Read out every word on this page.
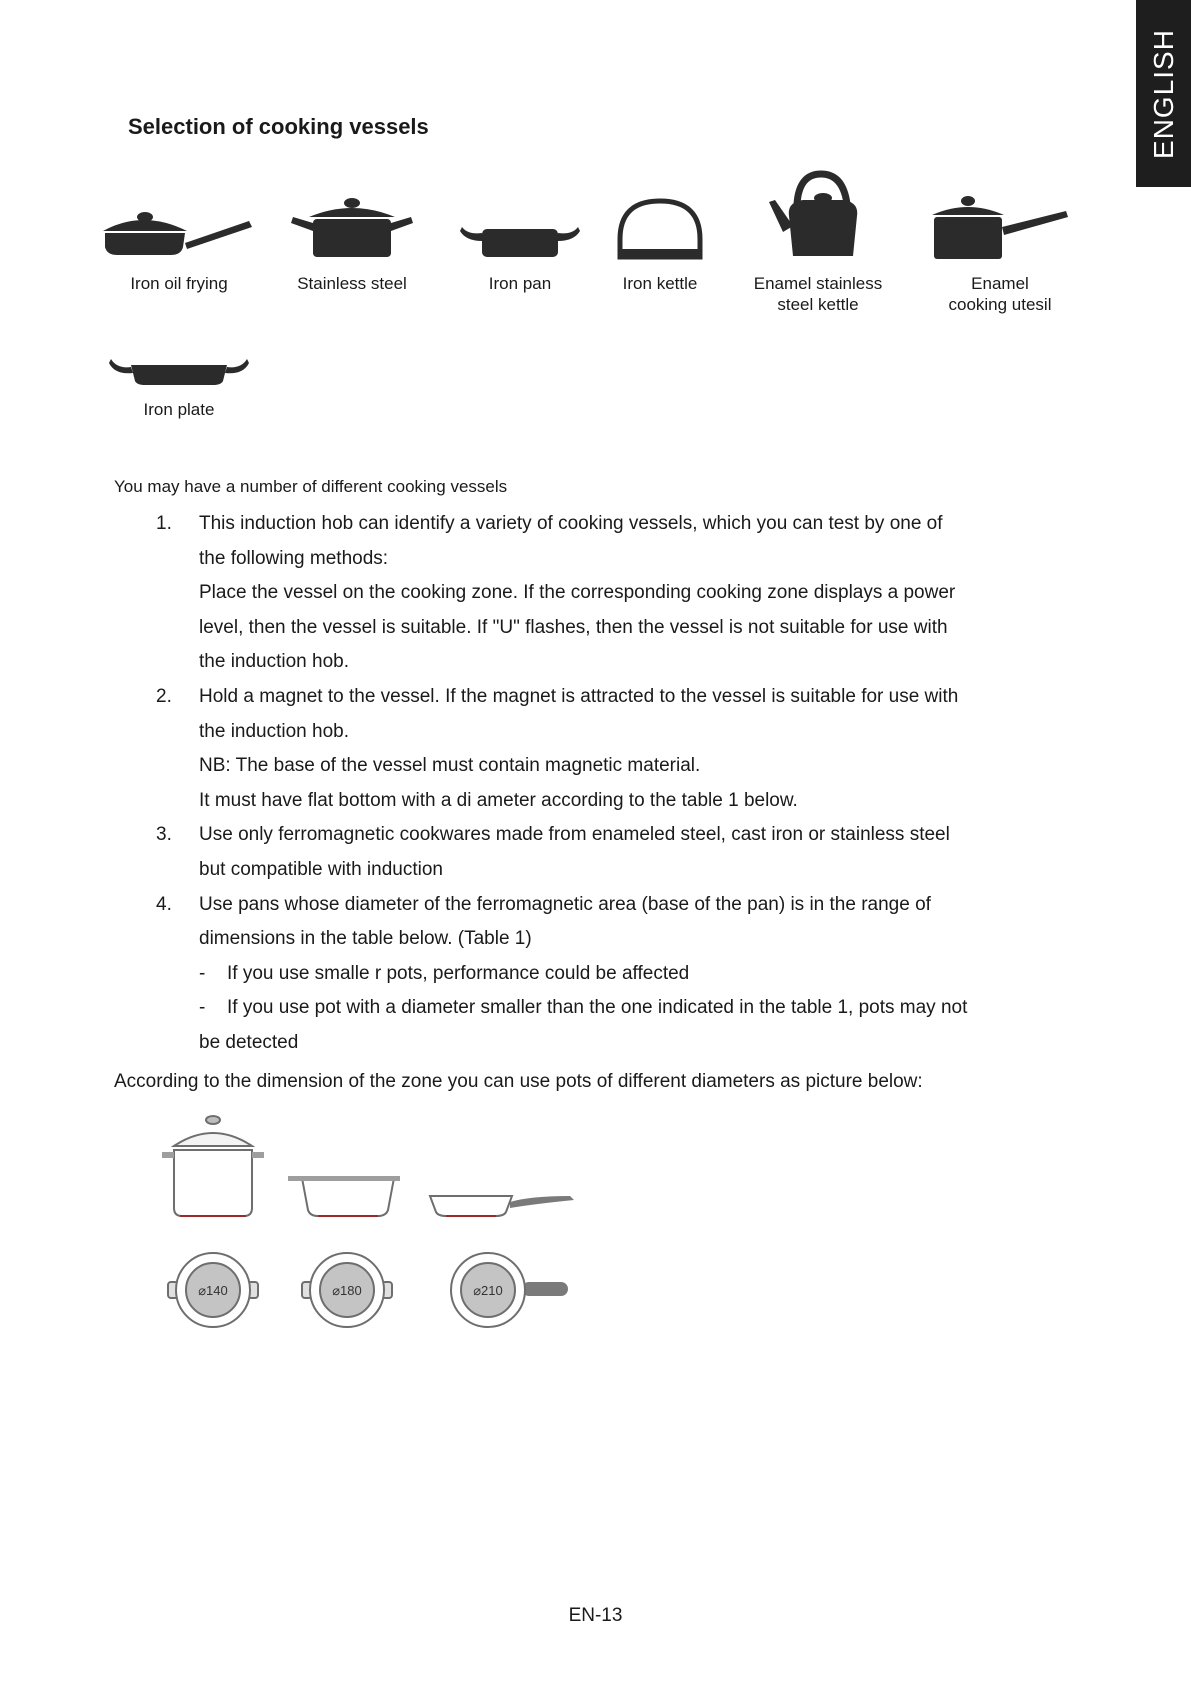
ENGLISH
Selection of cooking vessels
Iron oil frying	Stainless steel	Iron pan	Iron kettle	Enamel stainless
steel kettle
Enamel
cooking utesil
Iron plate
You may have a number of different cooking vessels
1. This induction hob can identify a variety of cooking vessels, which you can test by one of
the following methods:
Place the vessel on the cooking zone. If the corresponding cooking zone displays a power
level, then the vessel is suitable. If "U" flashes, then the vessel is not suitable for use with
the induction hob.
2. Hold a magnet to the vessel. If the magnet is attracted to the vessel is suitable for use with
the induction hob.
NB: The base of the vessel must contain magnetic material.
It must have flat bottom with a di ameter according to the table 1 below.
3. Use only ferromagnetic cookwares made from enameled steel, cast iron or stainless steel
but compatible with induction
4. Use pans whose diameter of the ferromagnetic area (base of the pan) is in the range of
dimensions in the table below. (Table 1)
- If you use smalle r pots, performance could be affected
- If you use pot with a diameter smaller than the one indicated in the table 1, pots may not
be detected
According to the dimension of the zone you can use pots of different diameters as picture below:
⌀140	⌀180	⌀210
EN-13
